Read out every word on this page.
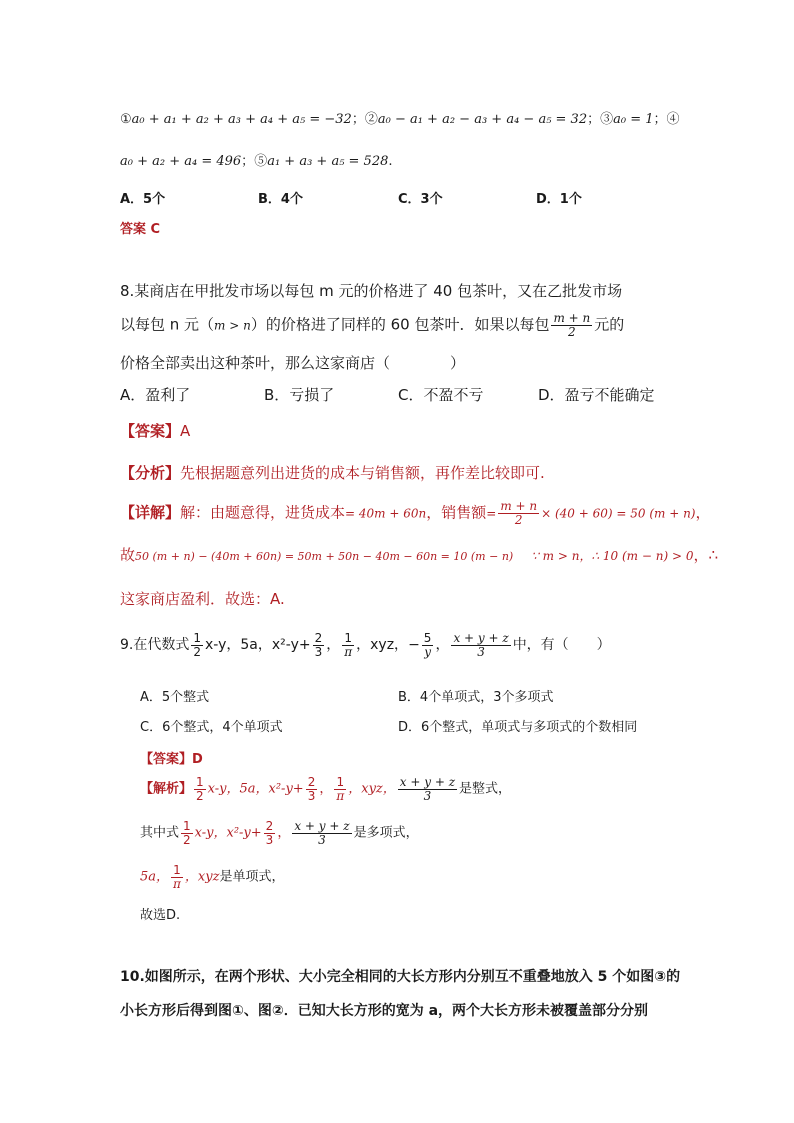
①a₀ + a₁ + a₂ + a₃ + a₄ + a₅ = −32；②a₀ − a₁ + a₂ − a₃ + a₄ − a₅ = 32；③a₀ = 1；④
a₀ + a₂ + a₄ = 496；⑤a₁ + a₃ + a₅ = 528.
A．5个	B．4个	C．3个	D．1个
答案 C
8.某商店在甲批发市场以每包 m 元的价格进了 40 包茶叶，又在乙批发市场
以每包 n 元（m > n）的价格进了同样的 60 包茶叶．如果以每包 $\frac{m + n}{2}$ 元的
价格全部卖出这种茶叶，那么这家商店（　　　　）
A．盈利了	B．亏损了	C．不盈不亏	D．盈亏不能确定
【答案】A
【分析】先根据题意列出进货的成本与销售额，再作差比较即可.
【详解】解：由题意得，进货成本= 40m + 60n，销售额= $\frac{m + n}{2} \times (40 + 60) = 50$ (m + n)，
故50 (m + n) − (40m + 60n) = 50m + 50n − 40m − 60n = 10 (m − n) ∵ m > n，∴ 10 (m − n) > 0，∴
这家商店盈利．故选：A.
9.在代数式 $\frac{1}{2} x-y$，5a，$x^2-y+ \frac{2}{3}$ ， $\frac{1}{\pi}$ ，xyz，− $\frac{5}{y}$ ， $\frac{x + y + z}{3}$ 中，有（　　）
A．5个整式	B．4个单项式，3个多项式
C．6个整式，4个单项式	D．6个整式，单项式与多项式的个数相同
【答案】D
【解析】 $\frac{1}{2} x-y$，5a，$x^2-y+ \frac{2}{3}$ ， $\frac{1}{\pi}$ ，xyz， $\frac{x + y + z}{3}$ 是整式，
其中式 $\frac{1}{2} x-y$，$x^2-y+ \frac{2}{3}$ ， $\frac{x + y + z}{3}$ 是多项式，
5a， $\frac{1}{\pi}$ ，xyz是单项式，
故选D.
10.如图所示，在两个形状、大小完全相同的大长方形内分别互不重叠地放入 5 个如图③的
小长方形后得到图①、图②．已知大长方形的宽为 a，两个大长方形未被覆盖部分分别
